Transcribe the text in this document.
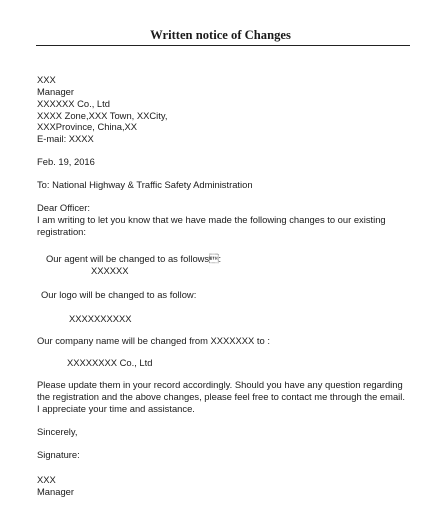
Written notice of Changes
XXX
Manager
XXXXXX Co., Ltd
XXXX Zone,XXX Town, XXCity,
XXXProvince, China,XX
E-mail: XXXX
Feb. 19, 2016
To: National Highway & Traffic Safety Administration
Dear Officer:
I am writing to let you know that we have made the following changes to our existing
registration:
Our agent will be changed to as follows:
XXXXXX
Our logo will be changed to as follow:
XXXXXXXXXX
Our company name will be changed from XXXXXXX to :
XXXXXXXX Co., Ltd
Please update them in your record accordingly. Should you have any question regarding
the registration and the above changes, please feel free to contact me through the email.
I appreciate your time and assistance.
Sincerely,
Signature:
XXX
Manager
